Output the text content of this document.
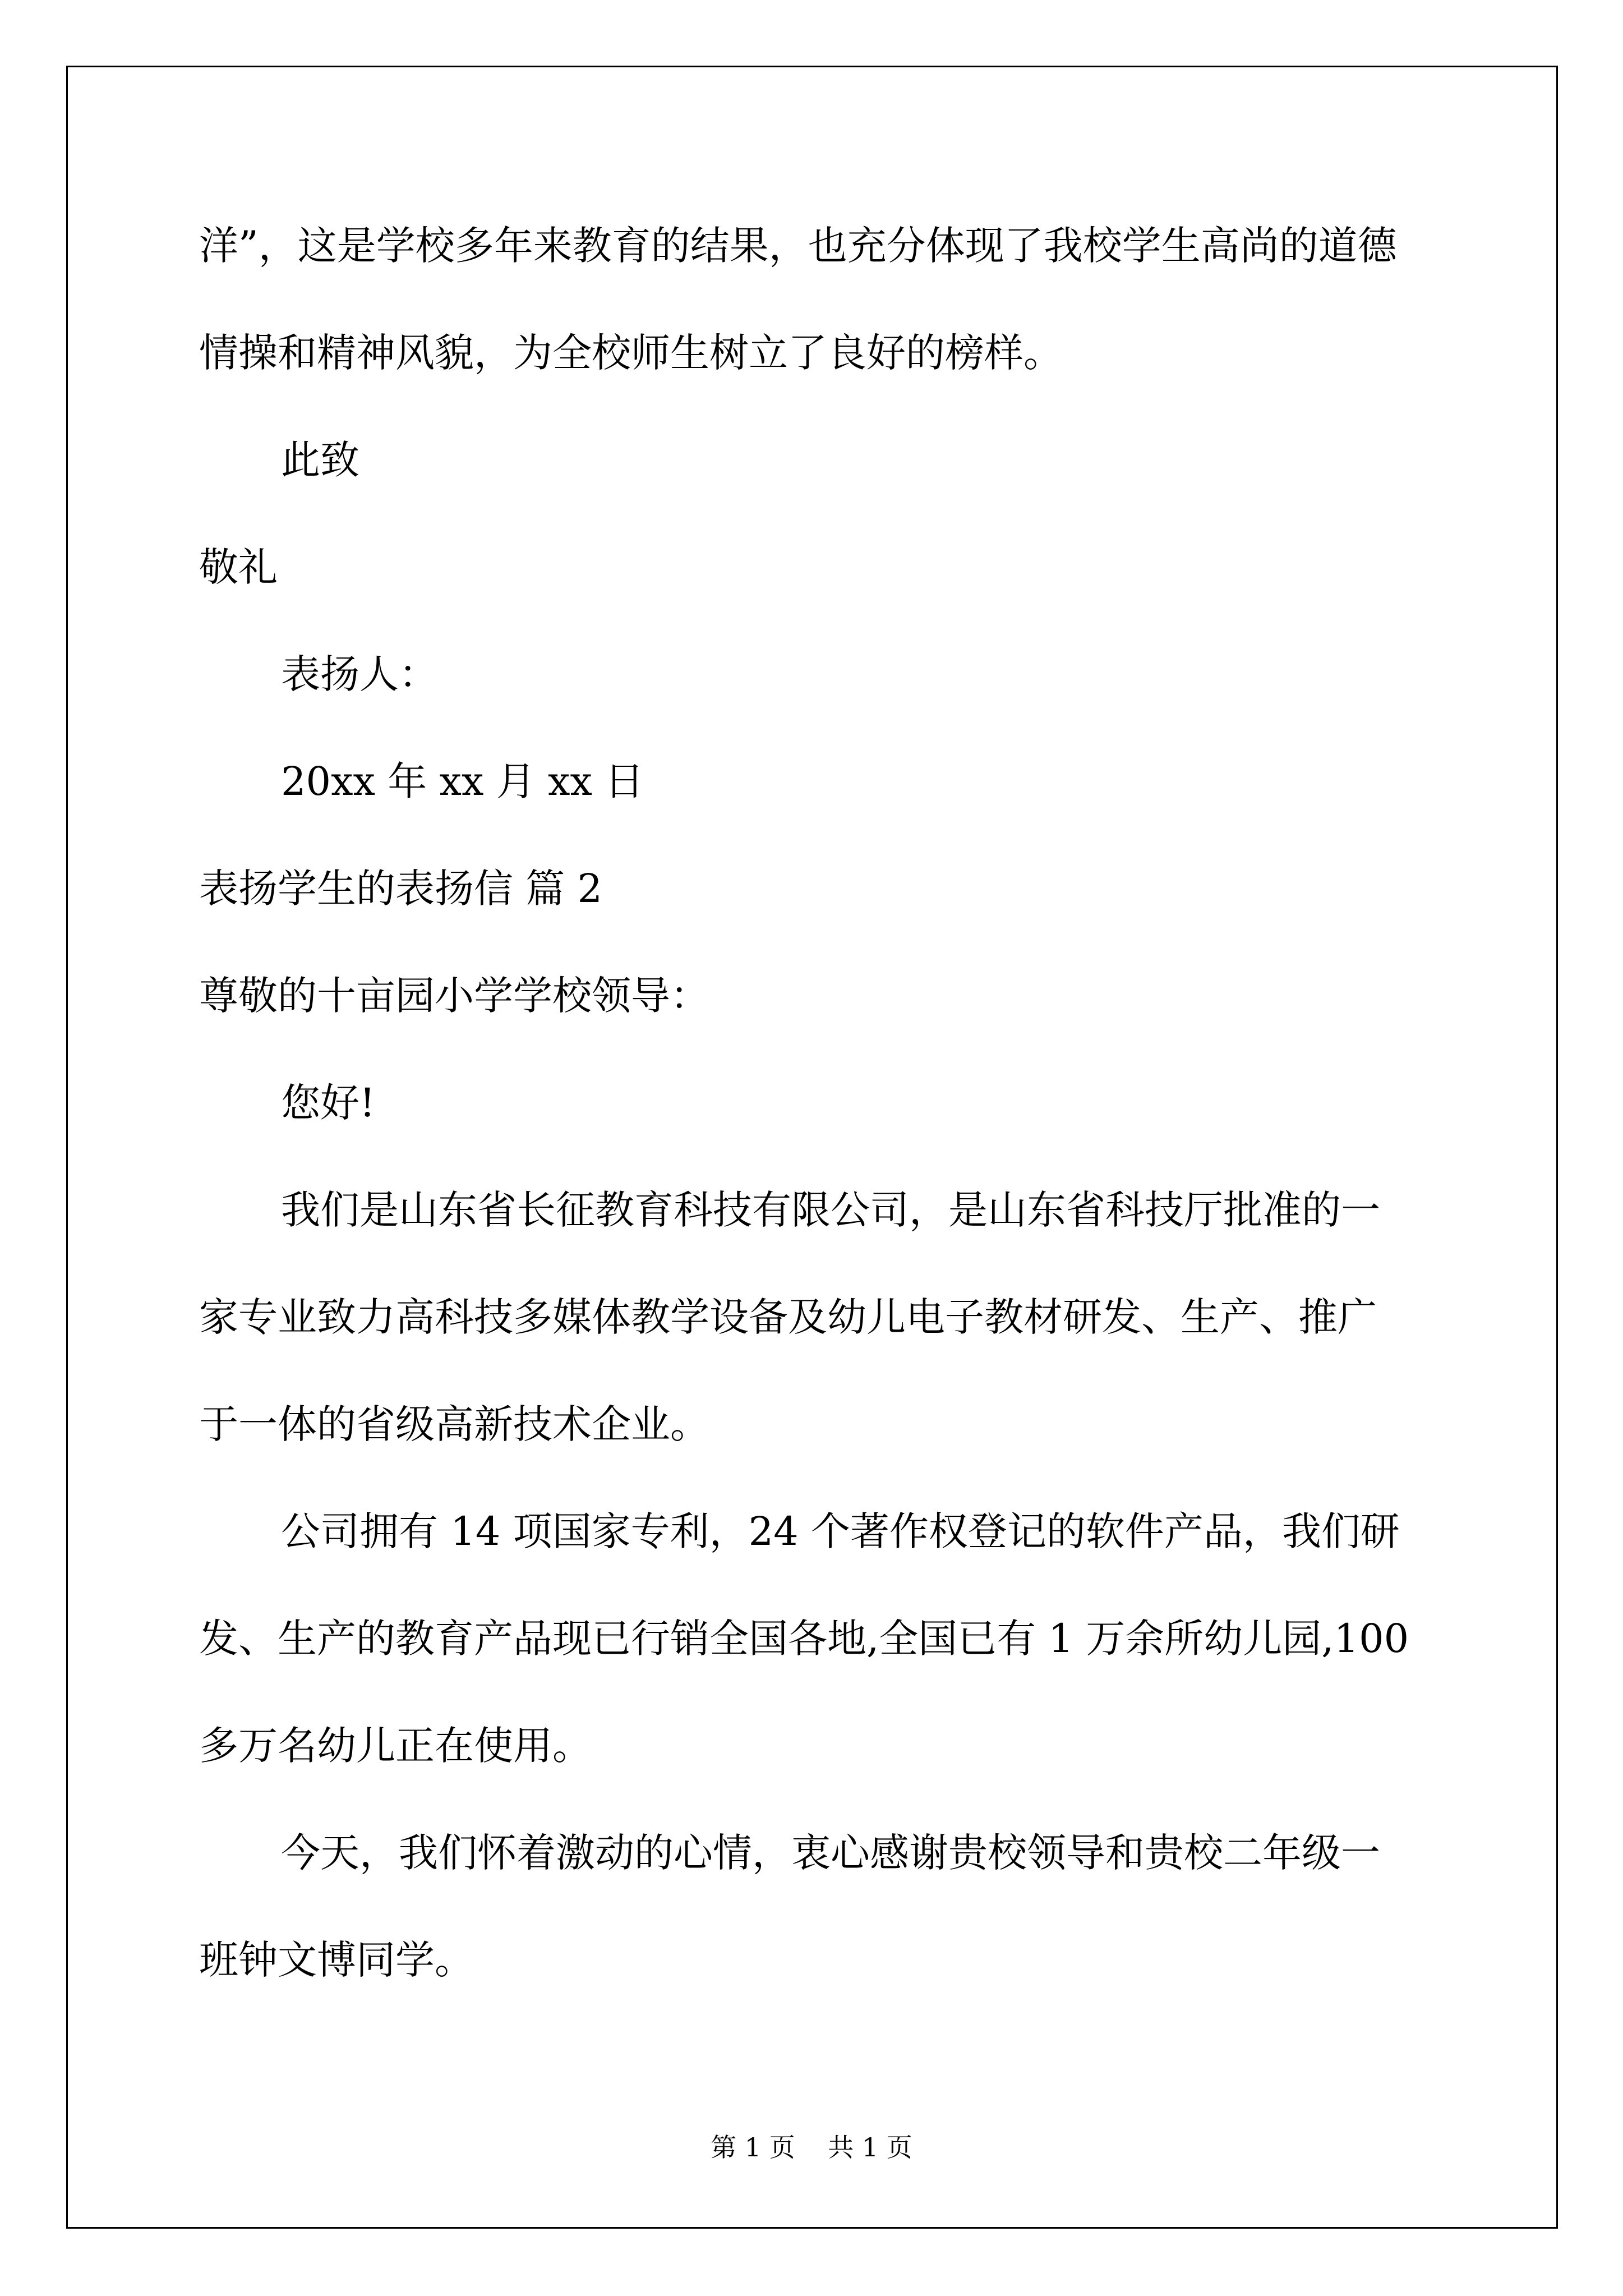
洋”，这是学校多年来教育的结果，也充分体现了我校学生高尚的道德

情操和精神风貌，为全校师生树立了良好的榜样。

此致

敬礼

表扬人：

20xx 年 xx 月 xx 日

表扬学生的表扬信 篇 2

尊敬的十亩园小学学校领导：

您好!

我们是山东省长征教育科技有限公司，是山东省科技厅批准的一

家专业致力高科技多媒体教学设备及幼儿电子教材研发、生产、推广

于一体的省级高新技术企业。

公司拥有 14 项国家专利，24 个著作权登记的软件产品，我们研

发、生产的教育产品现已行销全国各地,全国已有 1 万余所幼儿园,100

多万名幼儿正在使用。

今天，我们怀着激动的心情，衷心感谢贵校领导和贵校二年级一

班钟文博同学。

第 1 页    共 1 页
